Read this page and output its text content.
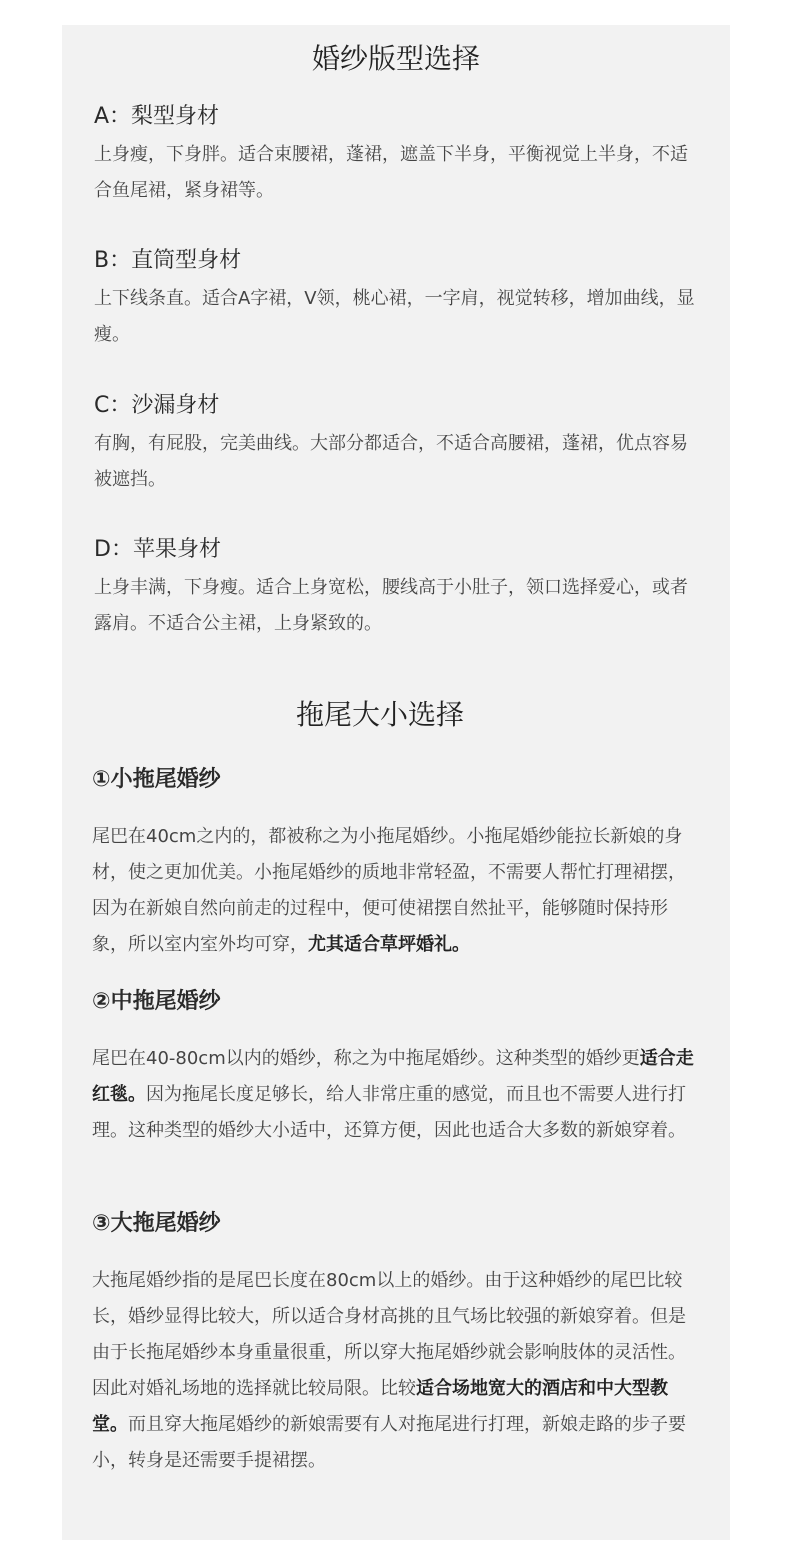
婚纱版型选择
A：梨型身材

上身瘦，下身胖。适合束腰裙，蓬裙，遮盖下半身，平衡视觉上半身，不适合鱼尾裙，紧身裙等。

B：直筒型身材

上下线条直。适合A字裙，V领，桃心裙，一字肩，视觉转移，增加曲线，显瘦。

C：沙漏身材

有胸，有屁股，完美曲线。大部分都适合，不适合高腰裙，蓬裙，优点容易被遮挡。

D：苹果身材

上身丰满，下身瘦。适合上身宽松，腰线高于小肚子，领口选择爱心，或者露肩。不适合公主裙，上身紧致的。

拖尾大小选择
①小拖尾婚纱
尾巴在40cm之内的，都被称之为小拖尾婚纱。小拖尾婚纱能拉长新娘的身材，使之更加优美。小拖尾婚纱的质地非常轻盈，不需要人帮忙打理裙摆，因为在新娘自然向前走的过程中，便可使裙摆自然扯平，能够随时保持形象，所以室内室外均可穿，尤其适合草坪婚礼。
②中拖尾婚纱
尾巴在40-80cm以内的婚纱，称之为中拖尾婚纱。这种类型的婚纱更适合走红毯。因为拖尾长度足够长，给人非常庄重的感觉，而且也不需要人进行打理。这种类型的婚纱大小适中，还算方便，因此也适合大多数的新娘穿着。
③大拖尾婚纱
大拖尾婚纱指的是尾巴长度在80cm以上的婚纱。由于这种婚纱的尾巴比较长，婚纱显得比较大，所以适合身材高挑的且气场比较强的新娘穿着。但是由于长拖尾婚纱本身重量很重，所以穿大拖尾婚纱就会影响肢体的灵活性。因此对婚礼场地的选择就比较局限。比较适合场地宽大的酒店和中大型教堂。而且穿大拖尾婚纱的新娘需要有人对拖尾进行打理，新娘走路的步子要小，转身是还需要手提裙摆。
